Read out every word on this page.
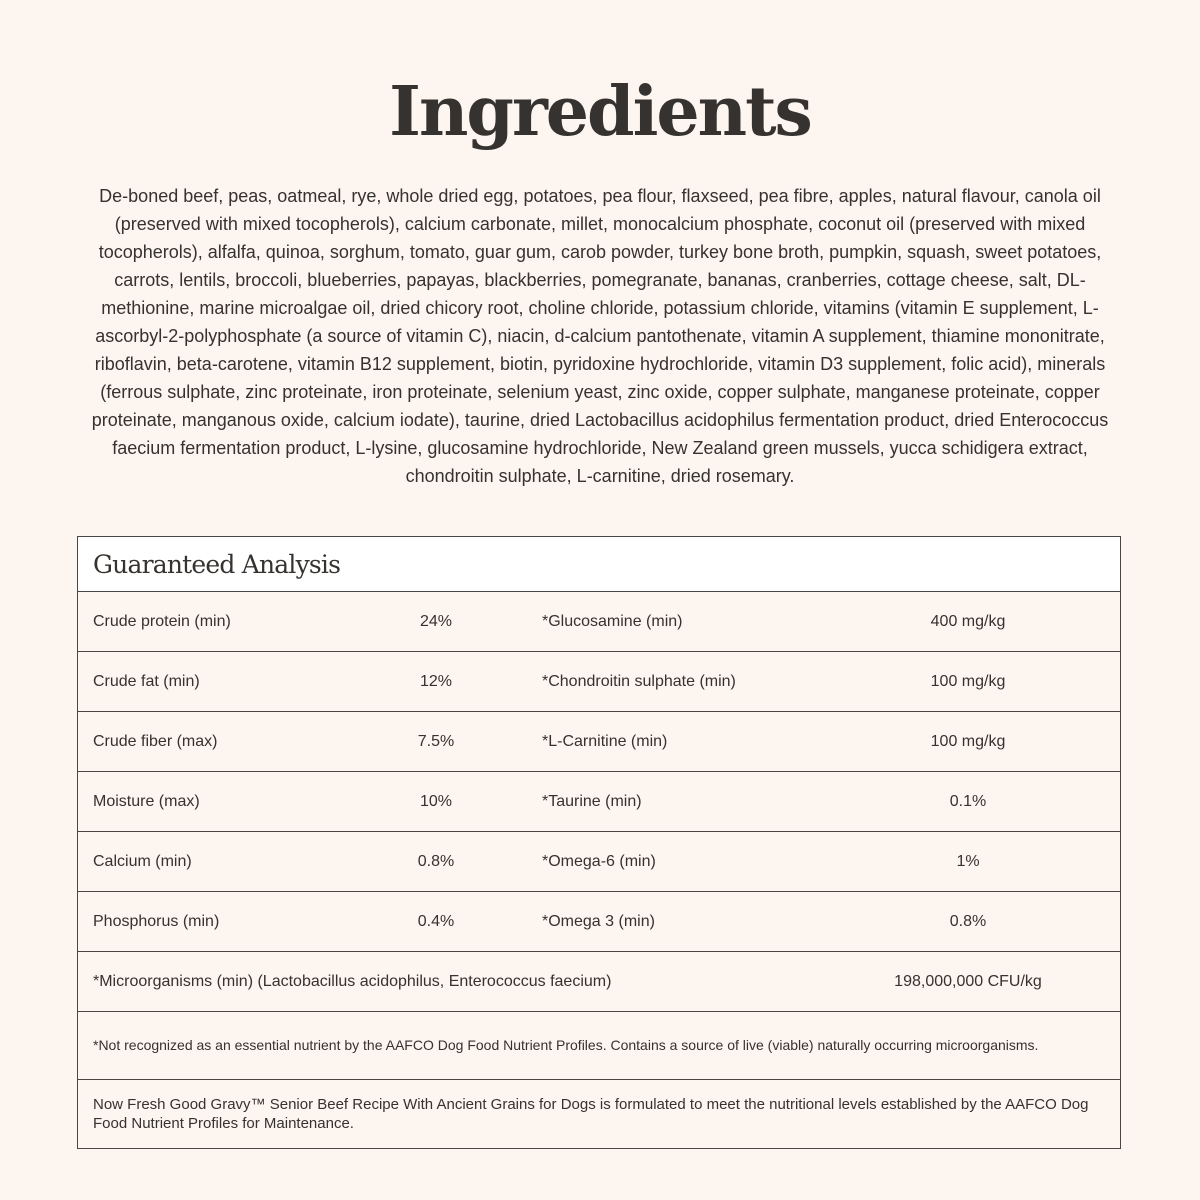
Ingredients
De-boned beef, peas, oatmeal, rye, whole dried egg, potatoes, pea flour, flaxseed, pea fibre, apples, natural flavour, canola oil (preserved with mixed tocopherols), calcium carbonate, millet, monocalcium phosphate, coconut oil (preserved with mixed tocopherols), alfalfa, quinoa, sorghum, tomato, guar gum, carob powder, turkey bone broth, pumpkin, squash, sweet potatoes, carrots, lentils, broccoli, blueberries, papayas, blackberries, pomegranate, bananas, cranberries, cottage cheese, salt, DL-methionine, marine microalgae oil, dried chicory root, choline chloride, potassium chloride, vitamins (vitamin E supplement, L-ascorbyl-2-polyphosphate (a source of vitamin C), niacin, d-calcium pantothenate, vitamin A supplement, thiamine mononitrate, riboflavin, beta-carotene, vitamin B12 supplement, biotin, pyridoxine hydrochloride, vitamin D3 supplement, folic acid), minerals (ferrous sulphate, zinc proteinate, iron proteinate, selenium yeast, zinc oxide, copper sulphate, manganese proteinate, copper proteinate, manganous oxide, calcium iodate), taurine, dried Lactobacillus acidophilus fermentation product, dried Enterococcus faecium fermentation product, L-lysine, glucosamine hydrochloride, New Zealand green mussels, yucca schidigera extract, chondroitin sulphate, L-carnitine, dried rosemary.
Guaranteed Analysis
Crude protein (min)	24%	*Glucosamine (min)	400 mg/kg
Crude fat (min)	12%	*Chondroitin sulphate (min)	100 mg/kg
Crude fiber (max)	7.5%	*L-Carnitine (min)	100 mg/kg
Moisture (max)	10%	*Taurine (min)	0.1%
Calcium (min)	0.8%	*Omega-6 (min)	1%
Phosphorus (min)	0.4%	*Omega 3 (min)	0.8%
*Microorganisms (min) (Lactobacillus acidophilus, Enterococcus faecium)	198,000,000 CFU/kg
*Not recognized as an essential nutrient by the AAFCO Dog Food Nutrient Profiles. Contains a source of live (viable) naturally occurring microorganisms.
Now Fresh Good Gravy™ Senior Beef Recipe With Ancient Grains for Dogs is formulated to meet the nutritional levels established by the AAFCO Dog Food Nutrient Profiles for Maintenance.
